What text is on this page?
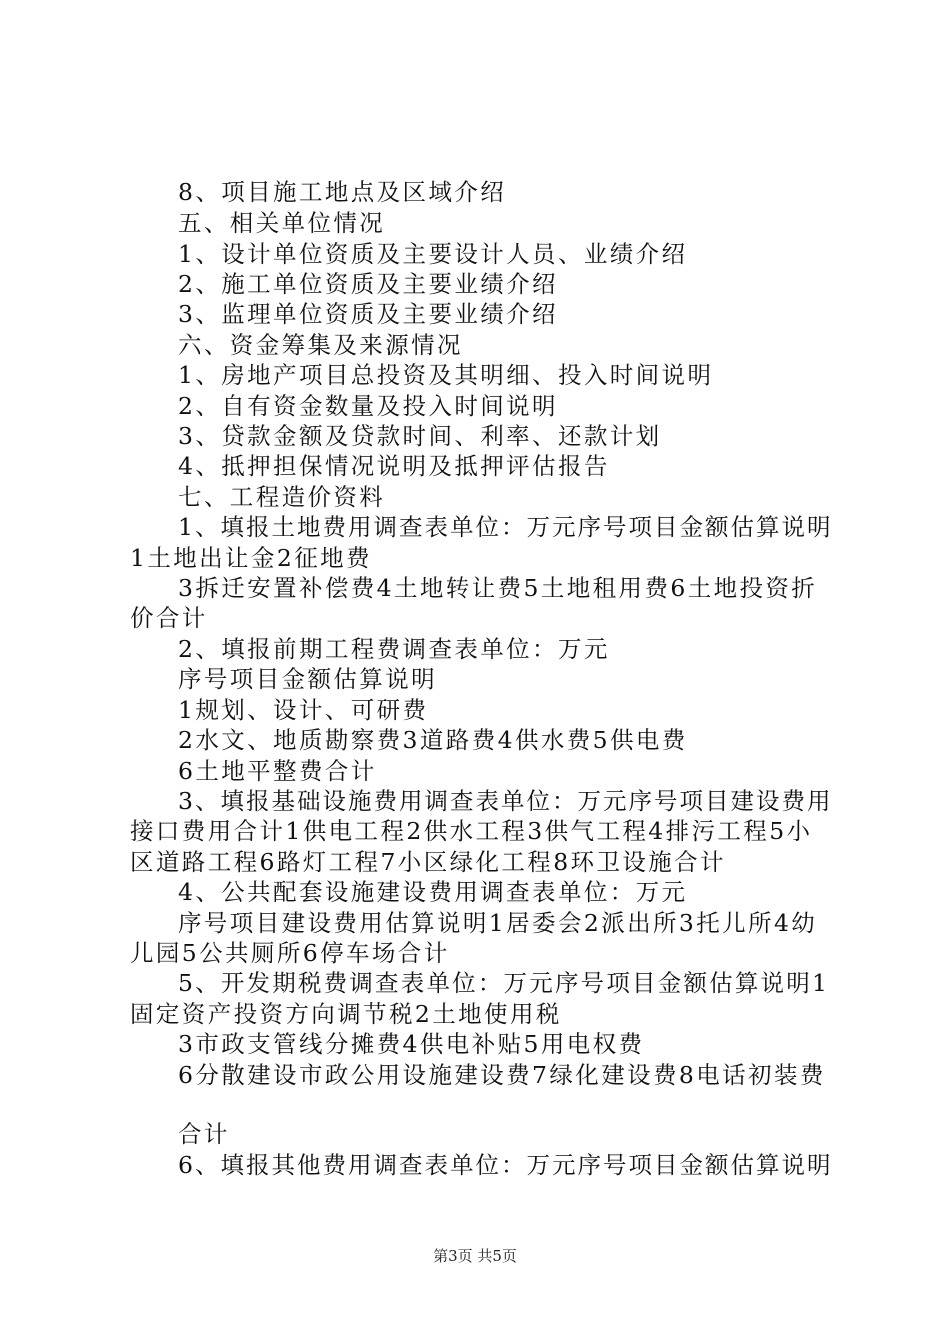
8、项目施工地点及区域介绍
五、相关单位情况
1、设计单位资质及主要设计人员、业绩介绍
2、施工单位资质及主要业绩介绍
3、监理单位资质及主要业绩介绍
六、资金筹集及来源情况
1、房地产项目总投资及其明细、投入时间说明
2、自有资金数量及投入时间说明
3、贷款金额及贷款时间、利率、还款计划
4、抵押担保情况说明及抵押评估报告
七、工程造价资料
1、填报土地费用调查表单位：万元序号项目金额估算说明
1土地出让金2征地费
3拆迁安置补偿费4土地转让费5土地租用费6土地投资折
价合计
2、填报前期工程费调查表单位：万元
序号项目金额估算说明
1规划、设计、可研费
2水文、地质勘察费3道路费4供水费5供电费
6土地平整费合计
3、填报基础设施费用调查表单位：万元序号项目建设费用
接口费用合计1供电工程2供水工程3供气工程4排污工程5小
区道路工程6路灯工程7小区绿化工程8环卫设施合计
4、公共配套设施建设费用调查表单位：万元
序号项目建设费用估算说明1居委会2派出所3托儿所4幼
儿园5公共厕所6停车场合计
5、开发期税费调查表单位：万元序号项目金额估算说明1
固定资产投资方向调节税2土地使用税
3市政支管线分摊费4供电补贴5用电权费
6分散建设市政公用设施建设费7绿化建设费8电话初装费
合计
6、填报其他费用调查表单位：万元序号项目金额估算说明
第3页 共5页
